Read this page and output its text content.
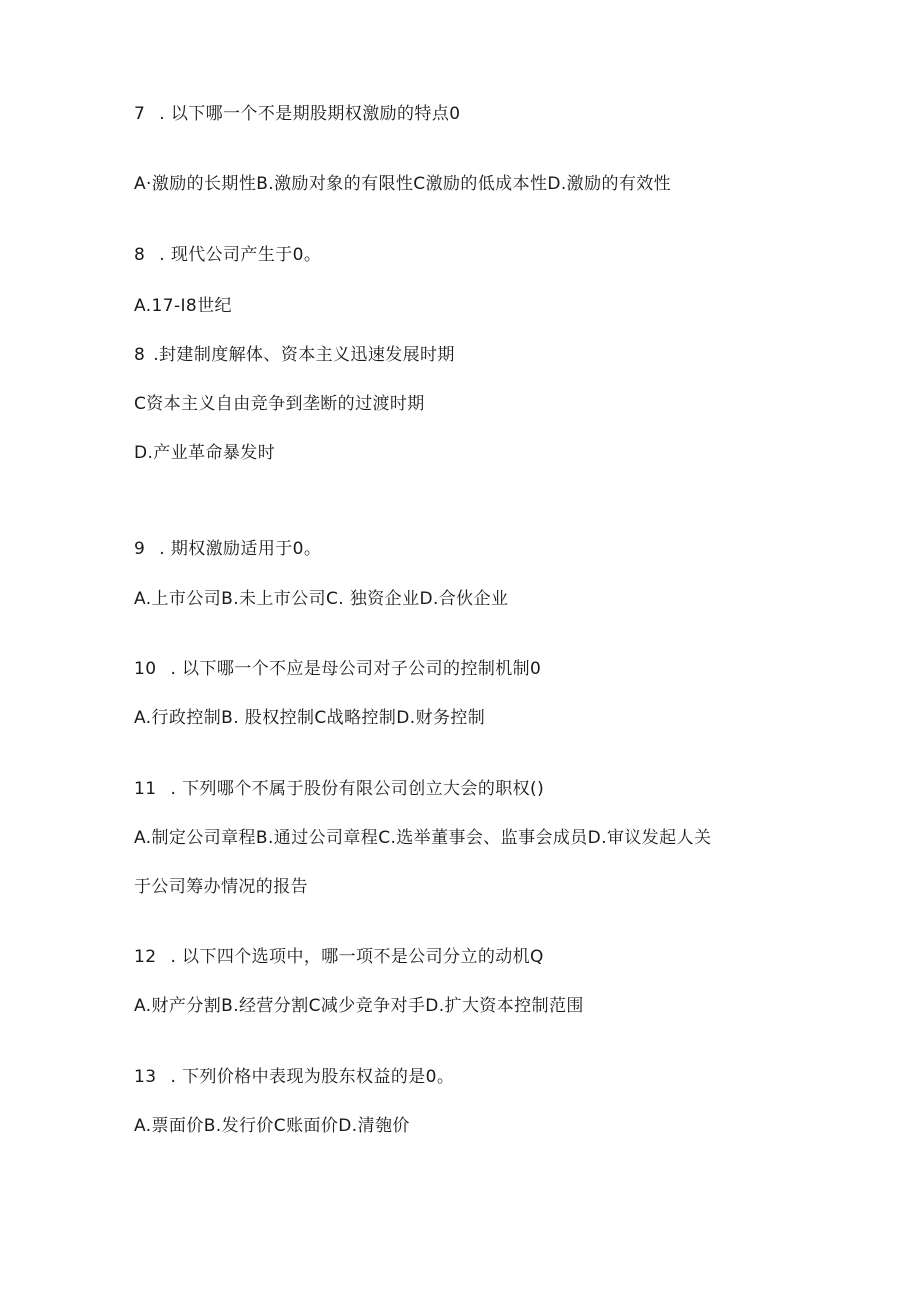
7 . 以下哪一个不是期股期权激励的特点0
A·激励的长期性B.激励对象的有限性C激励的低成本性D.激励的有效性
8 . 现代公司产生于0。
A.17-I8世纪
8 .封建制度解体、资本主义迅速发展时期
C资本主义自由竞争到垄断的过渡时期
D.产业革命暴发时
9 . 期权激励适用于0。
A.上市公司B.未上市公司C. 独资企业D.合伙企业
10 . 以下哪一个不应是母公司对子公司的控制机制0
A.行政控制B. 股权控制C战略控制D.财务控制
11 . 下列哪个不属于股份有限公司创立大会的职权()
A.制定公司章程B.通过公司章程C.选举董事会、监事会成员D.审议发起人关
于公司筹办情况的报告
12 . 以下四个选项中，哪一项不是公司分立的动机Q
A.财产分割B.经营分割C减少竞争对手D.扩大资本控制范围
13 . 下列价格中表现为股东权益的是0。
A.票面价B.发行价C账面价D.清匏价
